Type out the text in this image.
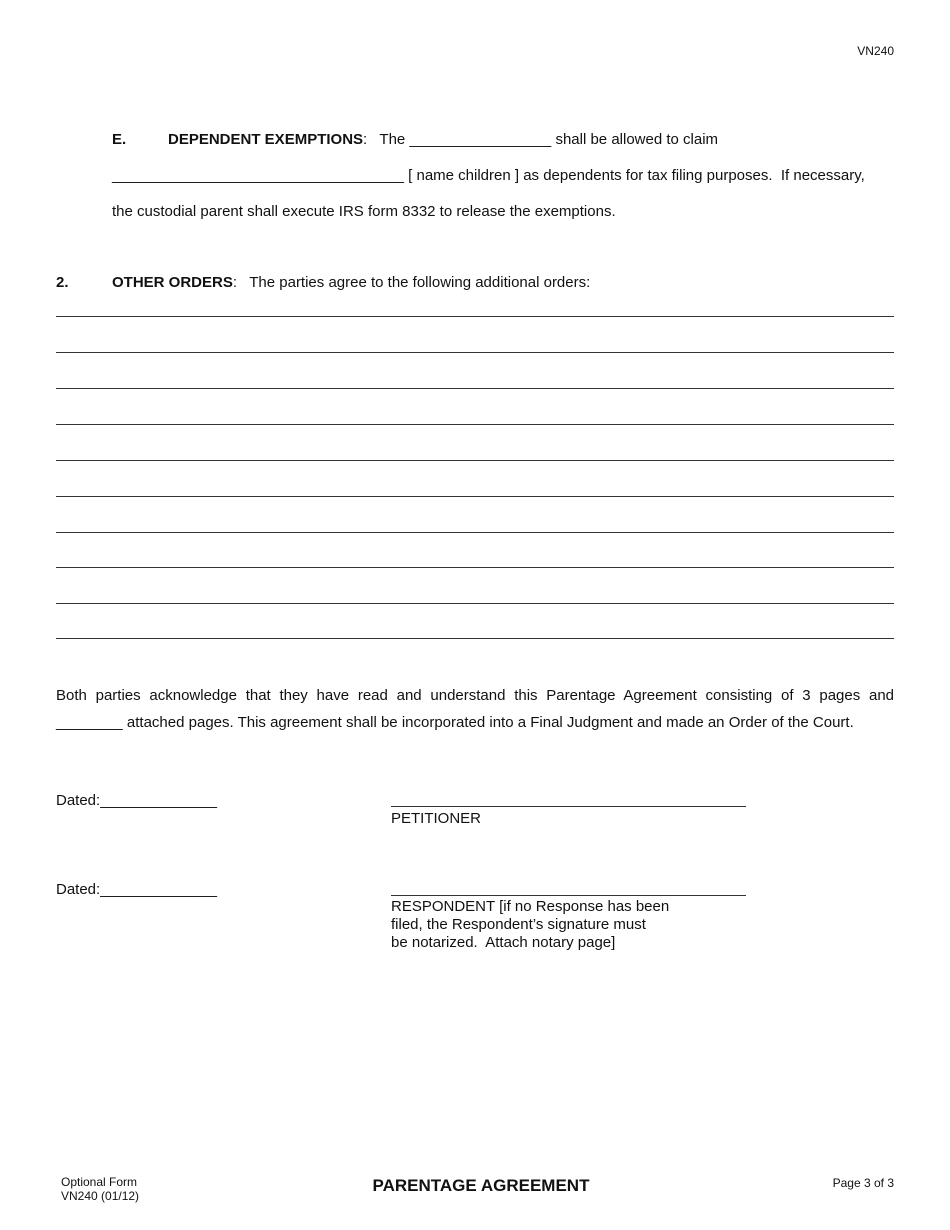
VN240
E.	DEPENDENT EXEMPTIONS:   The _________________ shall be allowed to claim
___________________________________ [ name children ] as dependents for tax filing purposes.  If necessary,
the custodial parent shall execute IRS form 8332 to release the exemptions.
2.	OTHER ORDERS:   The parties agree to the following additional orders:
Both parties acknowledge that they have read and understand this Parentage Agreement consisting of 3 pages and
________ attached pages. This agreement shall be incorporated into a Final Judgment and made an Order of the Court.
Dated:______________
PETITIONER
Dated:______________
RESPONDENT [if no Response has been
filed, the Respondent’s signature must
be notarized.  Attach notary page]
Optional Form
VN240 (01/12)
PARENTAGE AGREEMENT	Page 3 of 3
